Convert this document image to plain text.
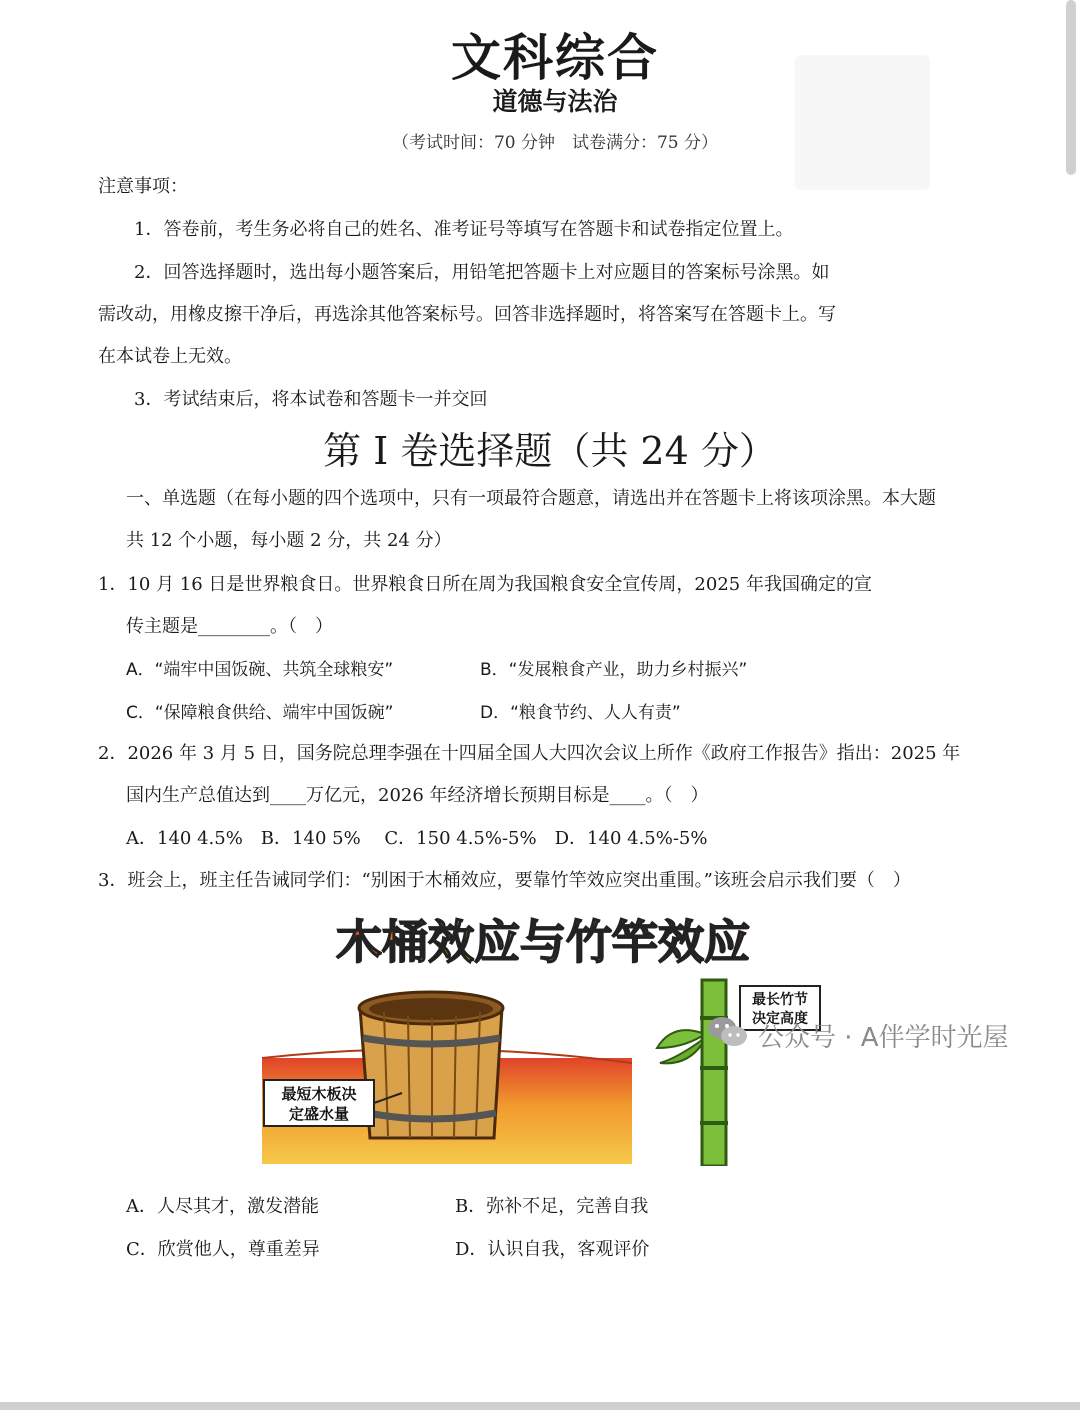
文科综合
道德与法治
（考试时间：70 分钟　试卷满分：75 分）
注意事项：
1．答卷前，考生务必将自己的姓名、准考证号等填写在答题卡和试卷指定位置上。
2．回答选择题时，选出每小题答案后，用铅笔把答题卡上对应题目的答案标号涂黑。如
需改动，用橡皮擦干净后，再选涂其他答案标号。回答非选择题时，将答案写在答题卡上。写
在本试卷上无效。
3．考试结束后，将本试卷和答题卡一并交回
第 I 卷选择题（共 24 分）
一、单选题（在每小题的四个选项中，只有一项最符合题意，请选出并在答题卡上将该项涂黑。本大题
共 12 个小题，每小题 2 分，共 24 分）
1．10 月 16 日是世界粮食日。世界粮食日所在周为我国粮食安全宣传周，2025 年我国确定的宣
传主题是________。（　）
A．“端牢中国饭碗、共筑全球粮安”	B．“发展粮食产业，助力乡村振兴”
C．“保障粮食供给、端牢中国饭碗”	D．“粮食节约、人人有责”
2．2026 年 3 月 5 日，国务院总理李强在十四届全国人大四次会议上所作《政府工作报告》指出：2025 年
国内生产总值达到____万亿元，2026 年经济增长预期目标是____。（　）
A．140 4.5%　B．140 5%　 C．150 4.5%-5%　D．140 4.5%-5%
3．班会上，班主任告诫同学们：“别困于木桶效应，要靠竹竿效应突出重围。”该班会启示我们要（　）
木桶效应与竹竿效应
最短木板决
定盛水量
最长竹节
决定高度
A．人尽其才，激发潜能	B．弥补不足，完善自我
C．欣赏他人，尊重差异	D．认识自我，客观评价
公众号 · A伴学时光屋
